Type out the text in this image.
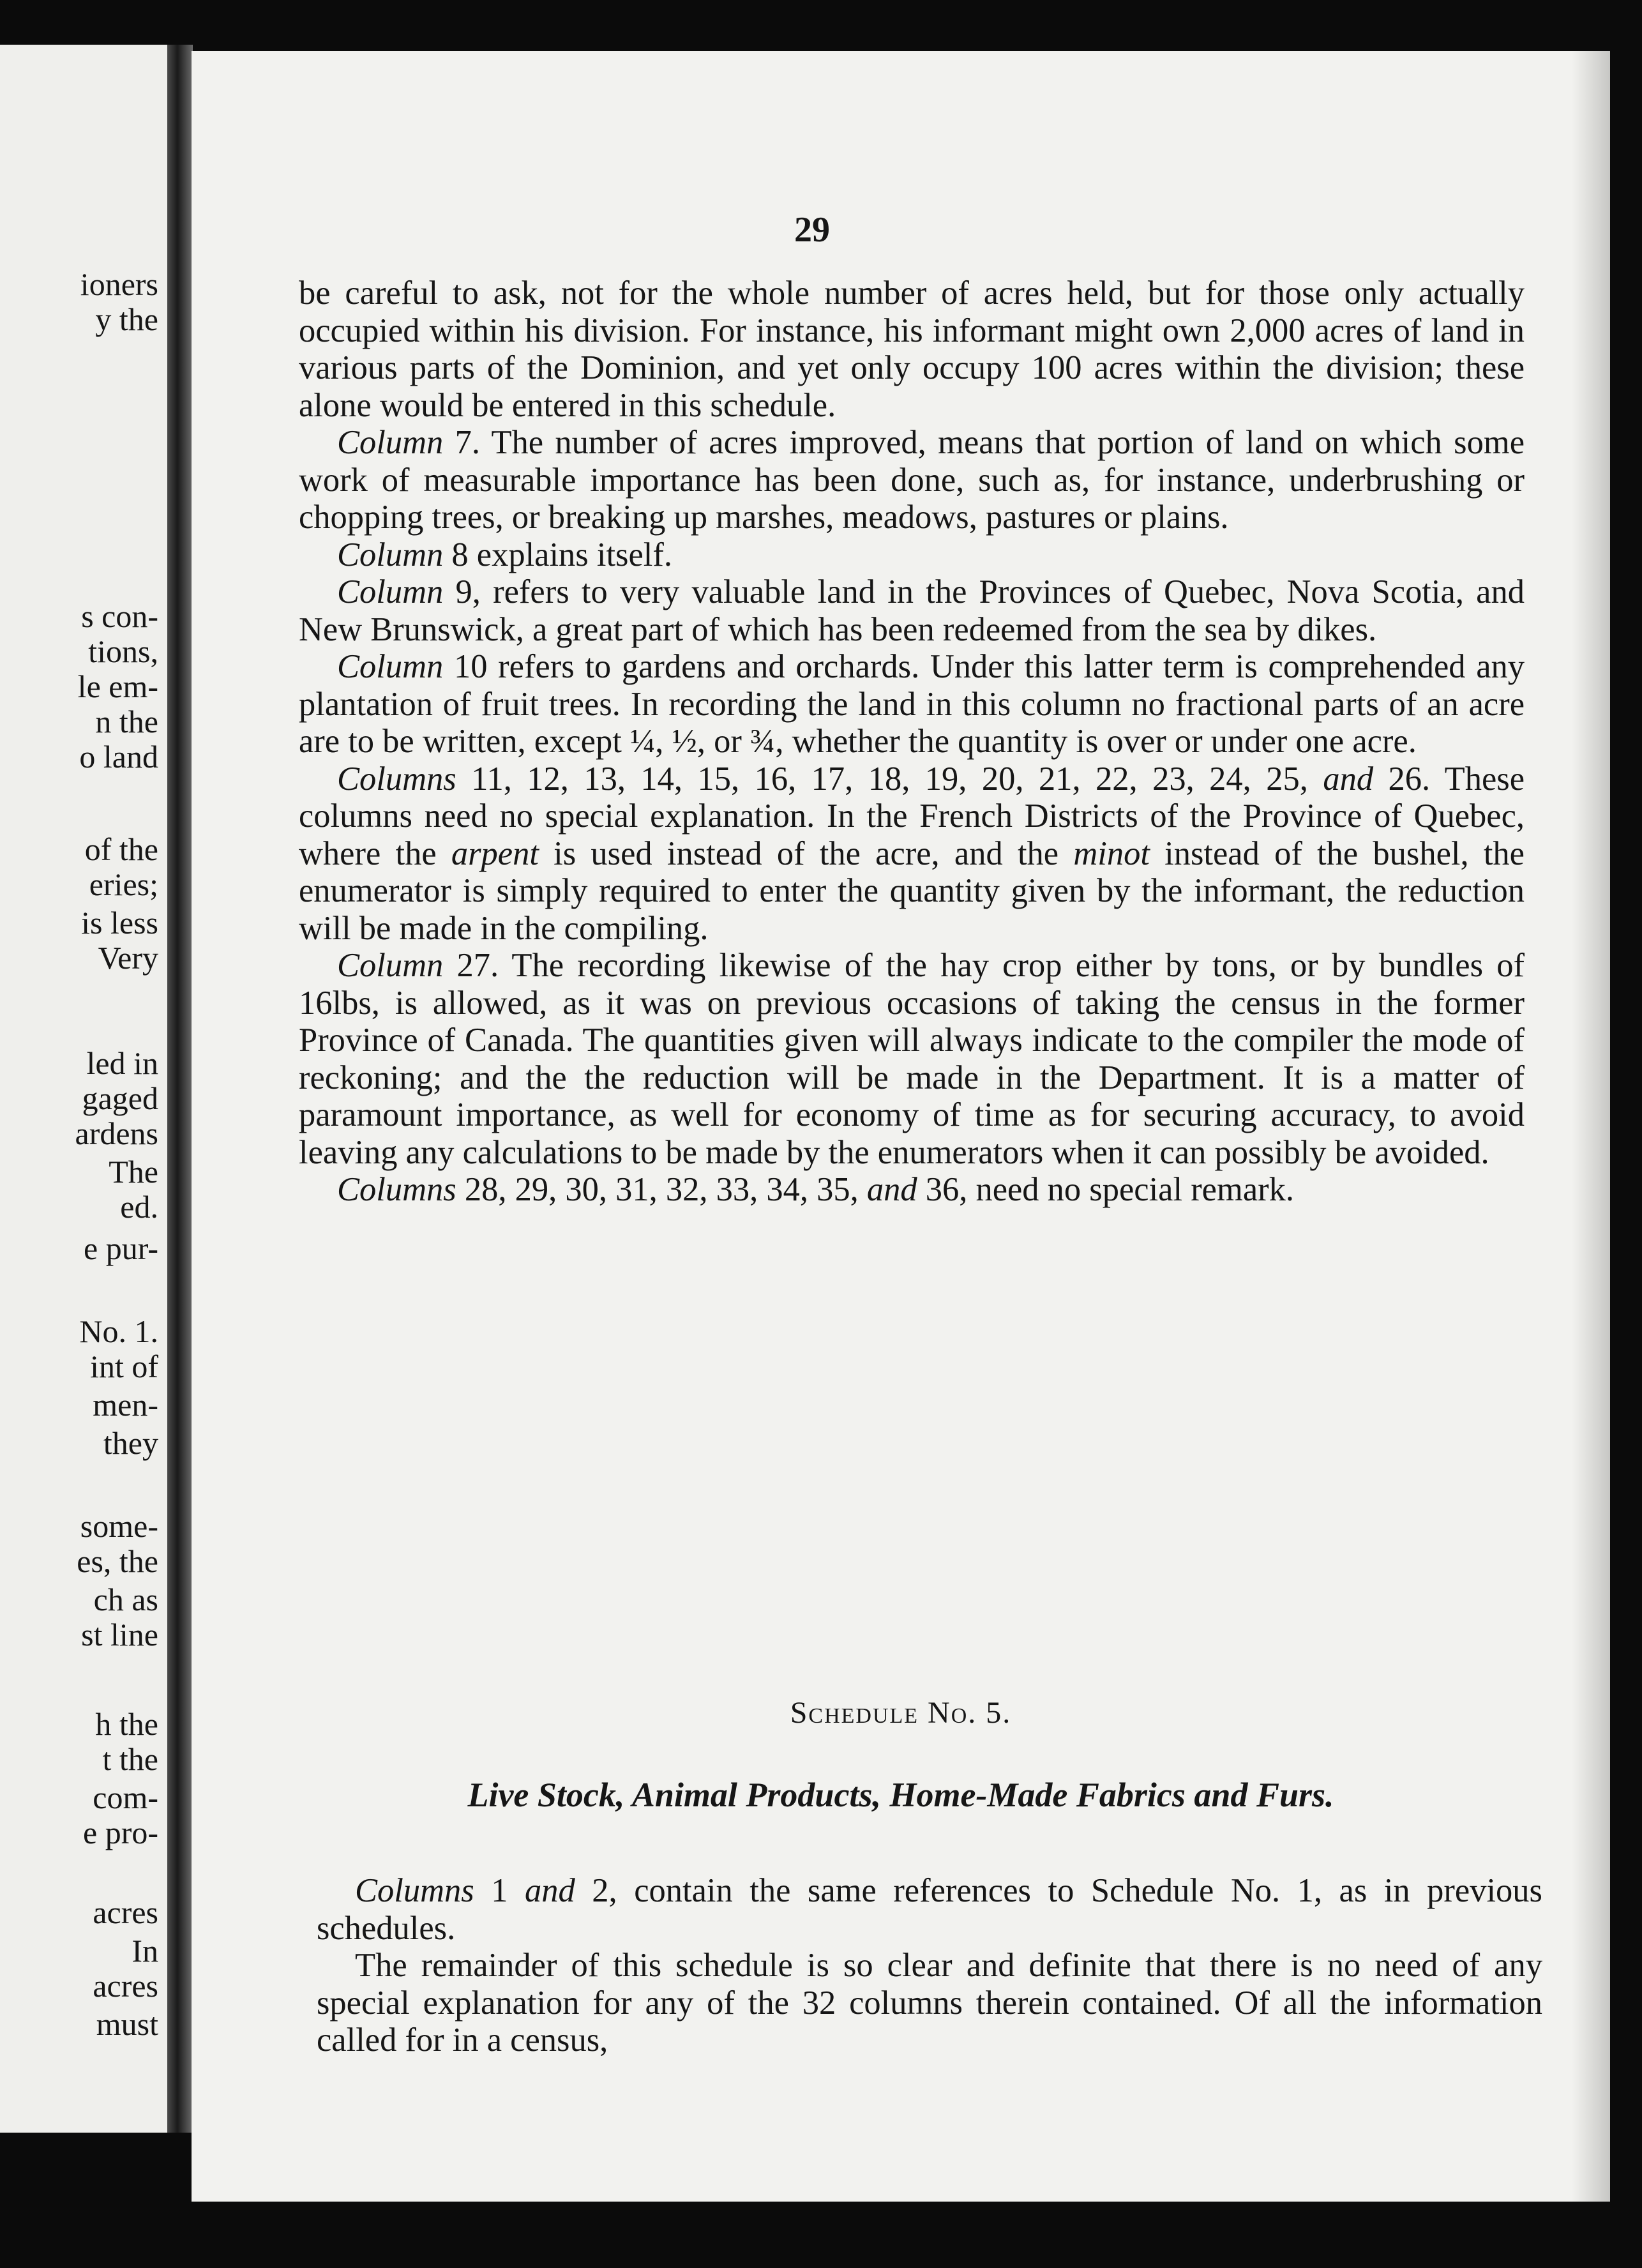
ioners
y the
s con-
tions,
le em-
n the
o land
of the
eries;
is less
Very
led in
gaged
ardens
The
ed.
e pur-
No. 1.
int of
men-
they
some-
es, the
ch as
st line
h the
t the
com-
e pro-
acres
In
acres
must
29

be careful to ask, not for the whole number of acres held, but for those only actually occupied within his division. For instance, his informant might own 2,000 acres of land in various parts of the Dominion, and yet only occupy 100 acres within the division; these alone would be entered in this schedule.

Column 7. The number of acres improved, means that portion of land on which some work of measurable importance has been done, such as, for instance, underbrushing or chopping trees, or breaking up marshes, meadows, pastures or plains.

Column 8 explains itself.

Column 9, refers to very valuable land in the Provinces of Quebec, Nova Scotia, and New Brunswick, a great part of which has been redeemed from the sea by dikes.

Column 10 refers to gardens and orchards. Under this latter term is comprehended any plantation of fruit trees. In recording the land in this column no fractional parts of an acre are to be written, except ¼, ½, or ¾, whether the quantity is over or under one acre.

Columns 11, 12, 13, 14, 15, 16, 17, 18, 19, 20, 21, 22, 23, 24, 25, and 26. These columns need no special explanation. In the French Districts of the Province of Quebec, where the arpent is used instead of the acre, and the minot instead of the bushel, the enumerator is simply required to enter the quantity given by the informant, the reduction will be made in the compiling.

Column 27. The recording likewise of the hay crop either by tons, or by bundles of 16lbs, is allowed, as it was on previous occasions of taking the census in the former Province of Canada. The quantities given will always indicate to the compiler the mode of reckoning; and the the reduction will be made in the Department. It is a matter of paramount importance, as well for economy of time as for securing accuracy, to avoid leaving any calculations to be made by the enumerators when it can possibly be avoided.

Columns 28, 29, 30, 31, 32, 33, 34, 35, and 36, need no special remark.

Schedule No. 5.
Live Stock, Animal Products, Home-Made Fabrics and Furs.

Columns 1 and 2, contain the same references to Schedule No. 1, as in previous schedules.

The remainder of this schedule is so clear and definite that there is no need of any special explanation for any of the 32 columns therein contained. Of all the information called for in a census,
